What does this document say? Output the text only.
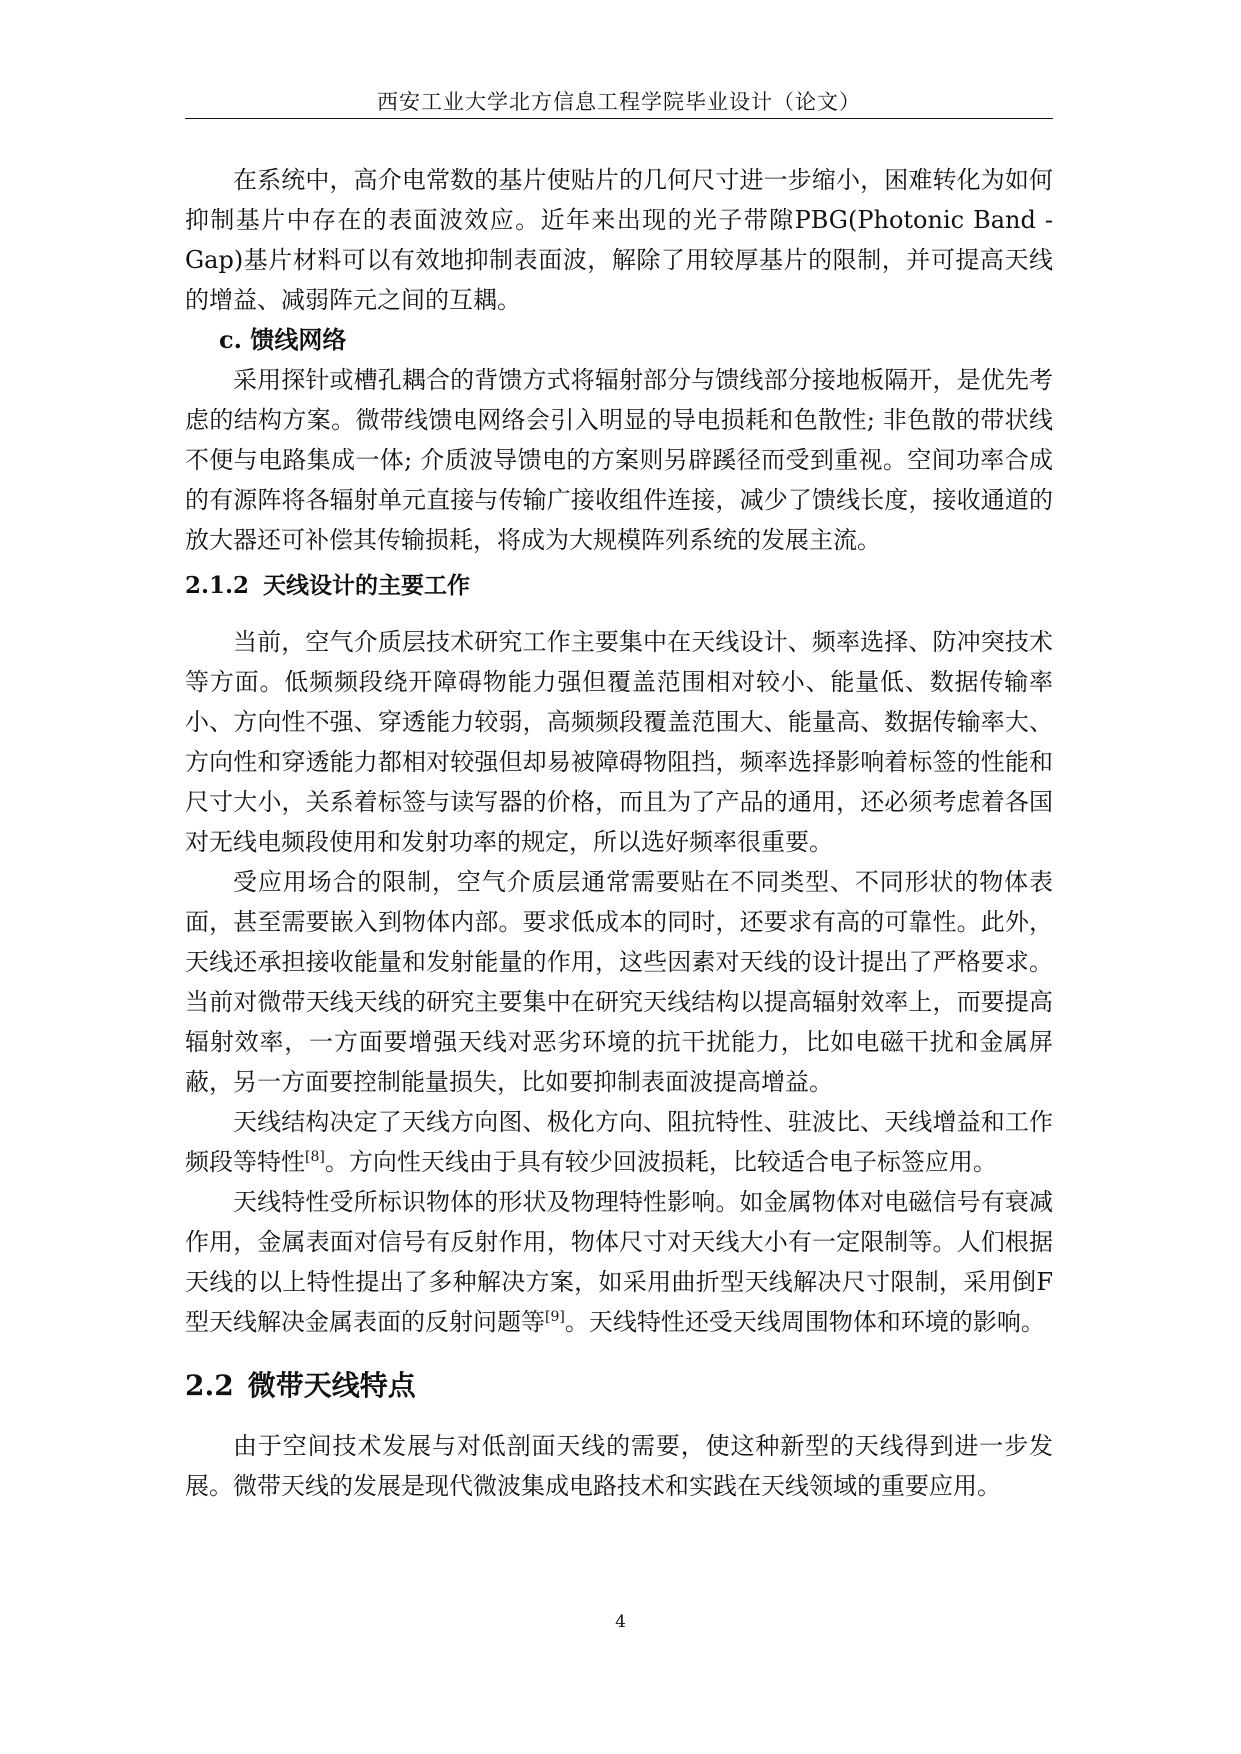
西安工业大学北方信息工程学院毕业设计（论文）

在系统中，高介电常数的基片使贴片的几何尺寸进一步缩小，困难转化为如何抑制基片中存在的表面波效应。近年来出现的光子带隙PBG(Photonic Band -Gap)基片材料可以有效地抑制表面波，解除了用较厚基片的限制，并可提高天线的增益、减弱阵元之间的互耦。

c. 馈线网络

采用探针或槽孔耦合的背馈方式将辐射部分与馈线部分接地板隔开，是优先考虑的结构方案。微带线馈电网络会引入明显的导电损耗和色散性; 非色散的带状线不便与电路集成一体; 介质波导馈电的方案则另辟蹊径而受到重视。空间功率合成的有源阵将各辐射单元直接与传输广接收组件连接，减少了馈线长度，接收通道的放大器还可补偿其传输损耗，将成为大规模阵列系统的发展主流。

2.1.2 天线设计的主要工作

当前，空气介质层技术研究工作主要集中在天线设计、频率选择、防冲突技术等方面。低频频段绕开障碍物能力强但覆盖范围相对较小、能量低、数据传输率小、方向性不强、穿透能力较弱，高频频段覆盖范围大、能量高、数据传输率大、方向性和穿透能力都相对较强但却易被障碍物阻挡，频率选择影响着标签的性能和尺寸大小，关系着标签与读写器的价格，而且为了产品的通用，还必须考虑着各国对无线电频段使用和发射功率的规定，所以选好频率很重要。

受应用场合的限制，空气介质层通常需要贴在不同类型、不同形状的物体表面，甚至需要嵌入到物体内部。要求低成本的同时，还要求有高的可靠性。此外，天线还承担接收能量和发射能量的作用，这些因素对天线的设计提出了严格要求。当前对微带天线天线的研究主要集中在研究天线结构以提高辐射效率上，而要提高辐射效率，一方面要增强天线对恶劣环境的抗干扰能力，比如电磁干扰和金属屏蔽，另一方面要控制能量损失，比如要抑制表面波提高增益。

天线结构决定了天线方向图、极化方向、阻抗特性、驻波比、天线增益和工作频段等特性[8]。方向性天线由于具有较少回波损耗，比较适合电子标签应用。

天线特性受所标识物体的形状及物理特性影响。如金属物体对电磁信号有衰减作用，金属表面对信号有反射作用，物体尺寸对天线大小有一定限制等。人们根据天线的以上特性提出了多种解决方案，如采用曲折型天线解决尺寸限制，采用倒F型天线解决金属表面的反射问题等[9]。天线特性还受天线周围物体和环境的影响。

2.2 微带天线特点

由于空间技术发展与对低剖面天线的需要，使这种新型的天线得到进一步发展。微带天线的发展是现代微波集成电路技术和实践在天线领域的重要应用。

4
